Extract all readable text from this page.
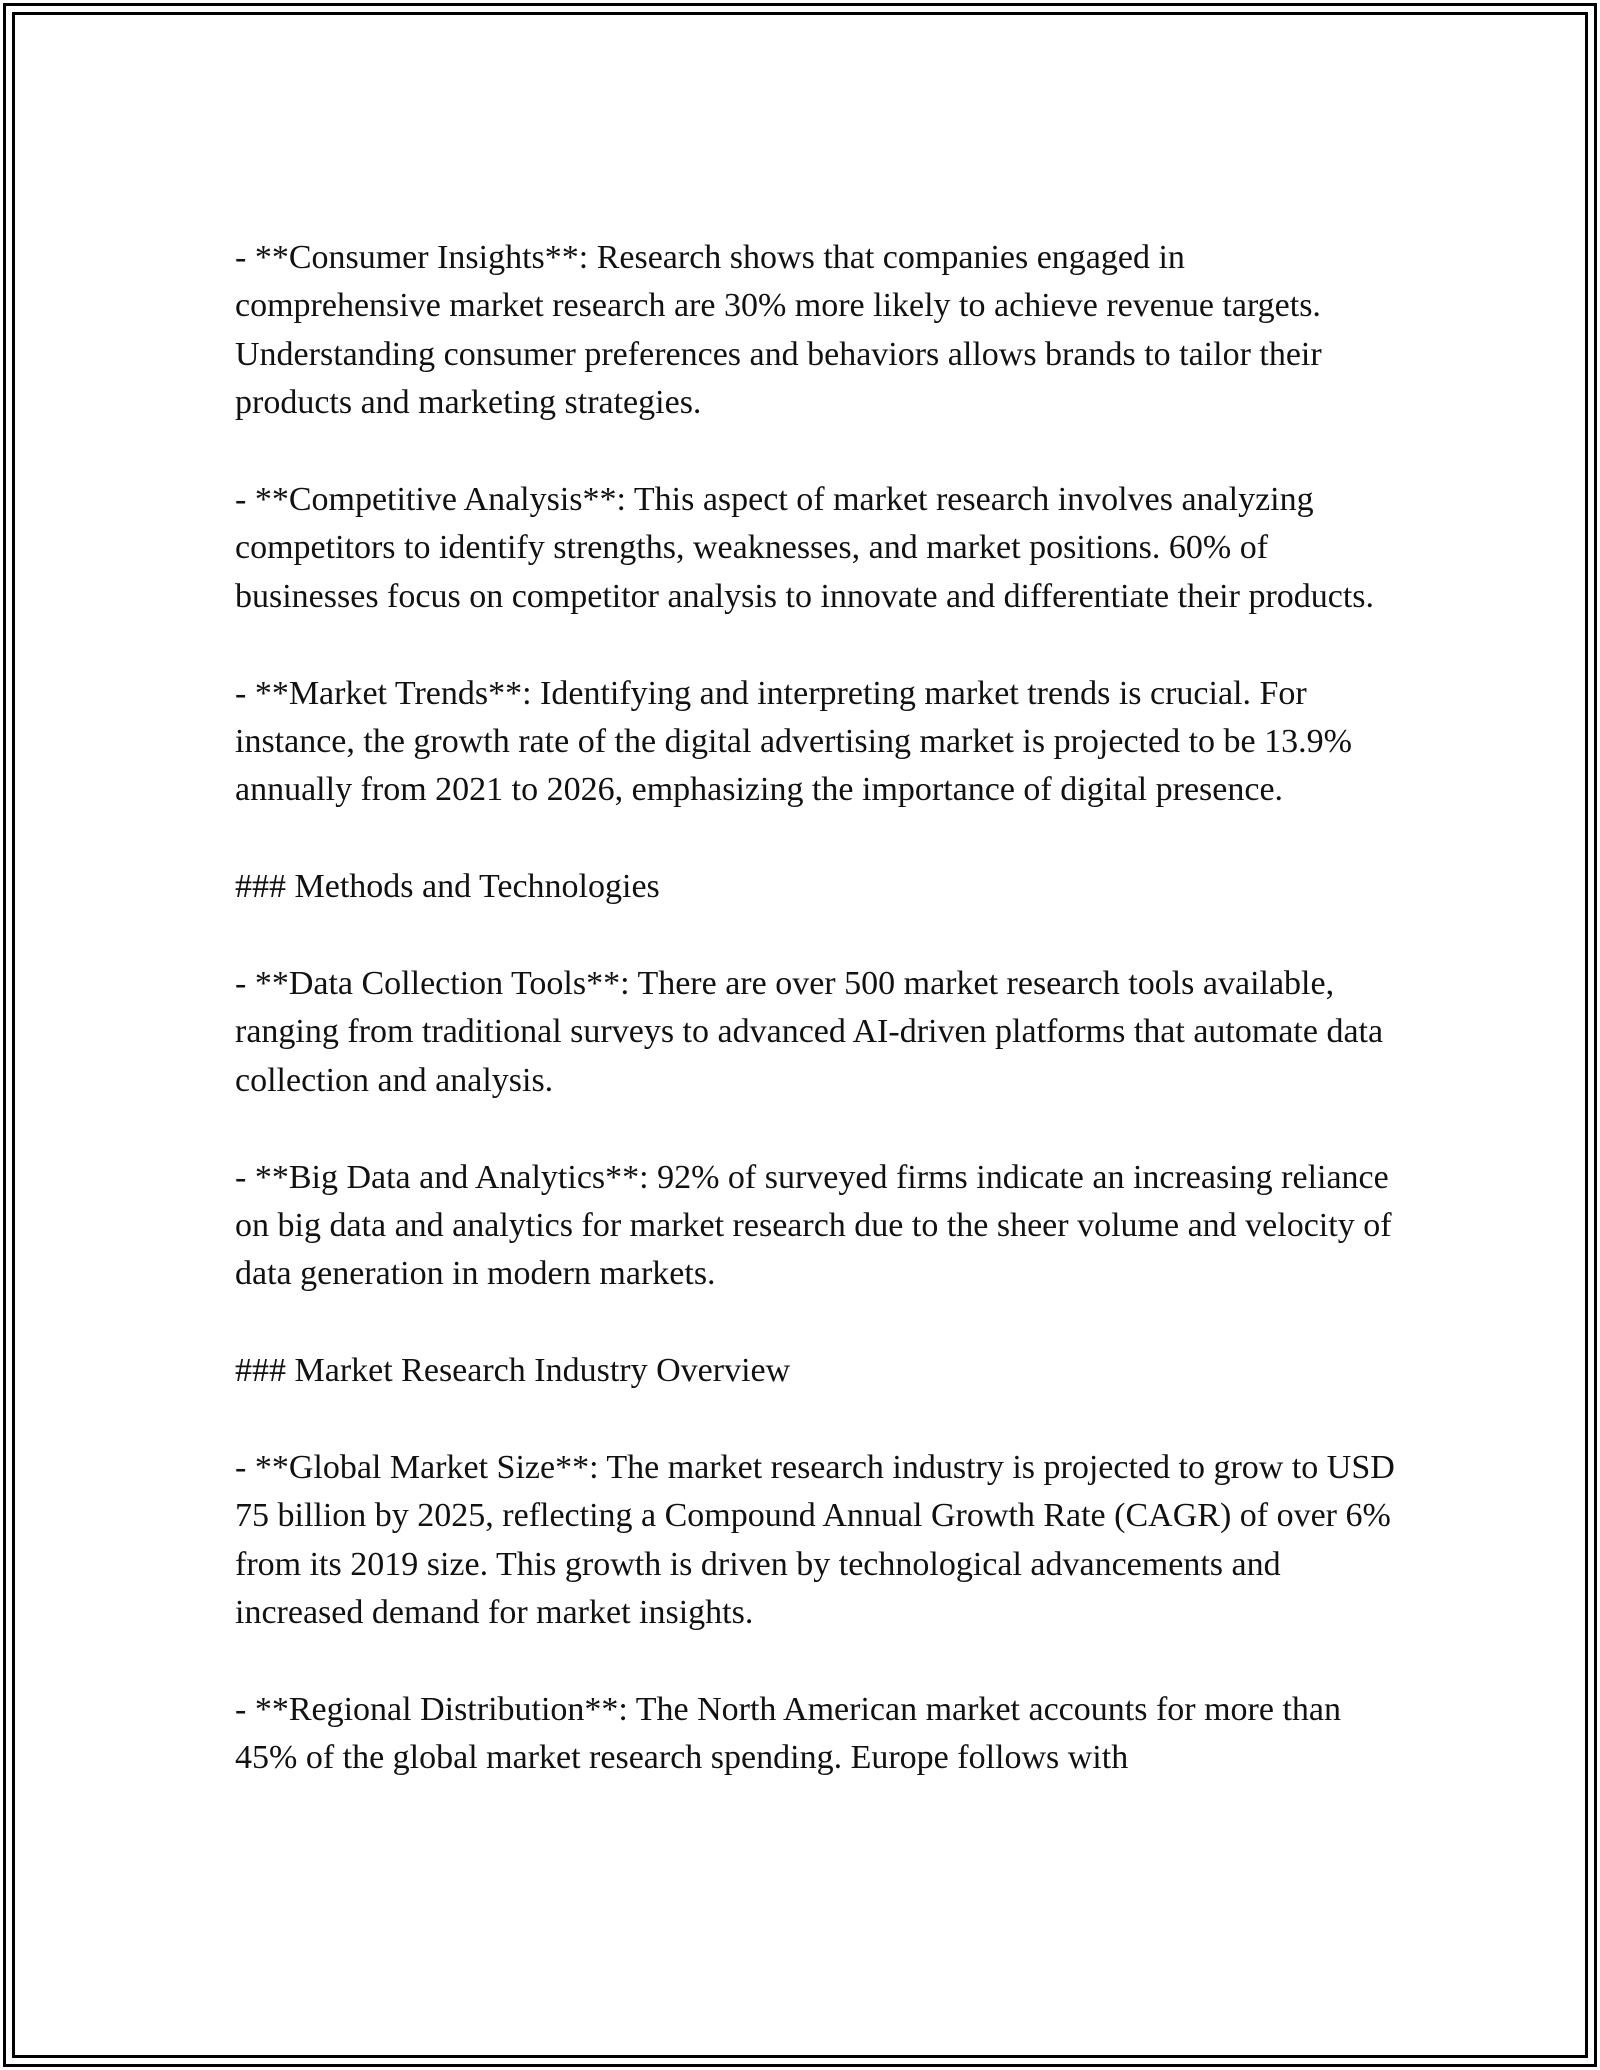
- **Consumer Insights**: Research shows that companies engaged in comprehensive market research are 30% more likely to achieve revenue targets. Understanding consumer preferences and behaviors allows brands to tailor their products and marketing strategies.

- **Competitive Analysis**: This aspect of market research involves analyzing competitors to identify strengths, weaknesses, and market positions. 60% of businesses focus on competitor analysis to innovate and differentiate their products.

- **Market Trends**: Identifying and interpreting market trends is crucial. For instance, the growth rate of the digital advertising market is projected to be 13.9% annually from 2021 to 2026, emphasizing the importance of digital presence.

### Methods and Technologies

- **Data Collection Tools**: There are over 500 market research tools available, ranging from traditional surveys to advanced AI-driven platforms that automate data collection and analysis.

- **Big Data and Analytics**: 92% of surveyed firms indicate an increasing reliance on big data and analytics for market research due to the sheer volume and velocity of data generation in modern markets.

### Market Research Industry Overview

- **Global Market Size**: The market research industry is projected to grow to USD 75 billion by 2025, reflecting a Compound Annual Growth Rate (CAGR) of over 6% from its 2019 size. This growth is driven by technological advancements and increased demand for market insights.

- **Regional Distribution**: The North American market accounts for more than 45% of the global market research spending. Europe follows with
